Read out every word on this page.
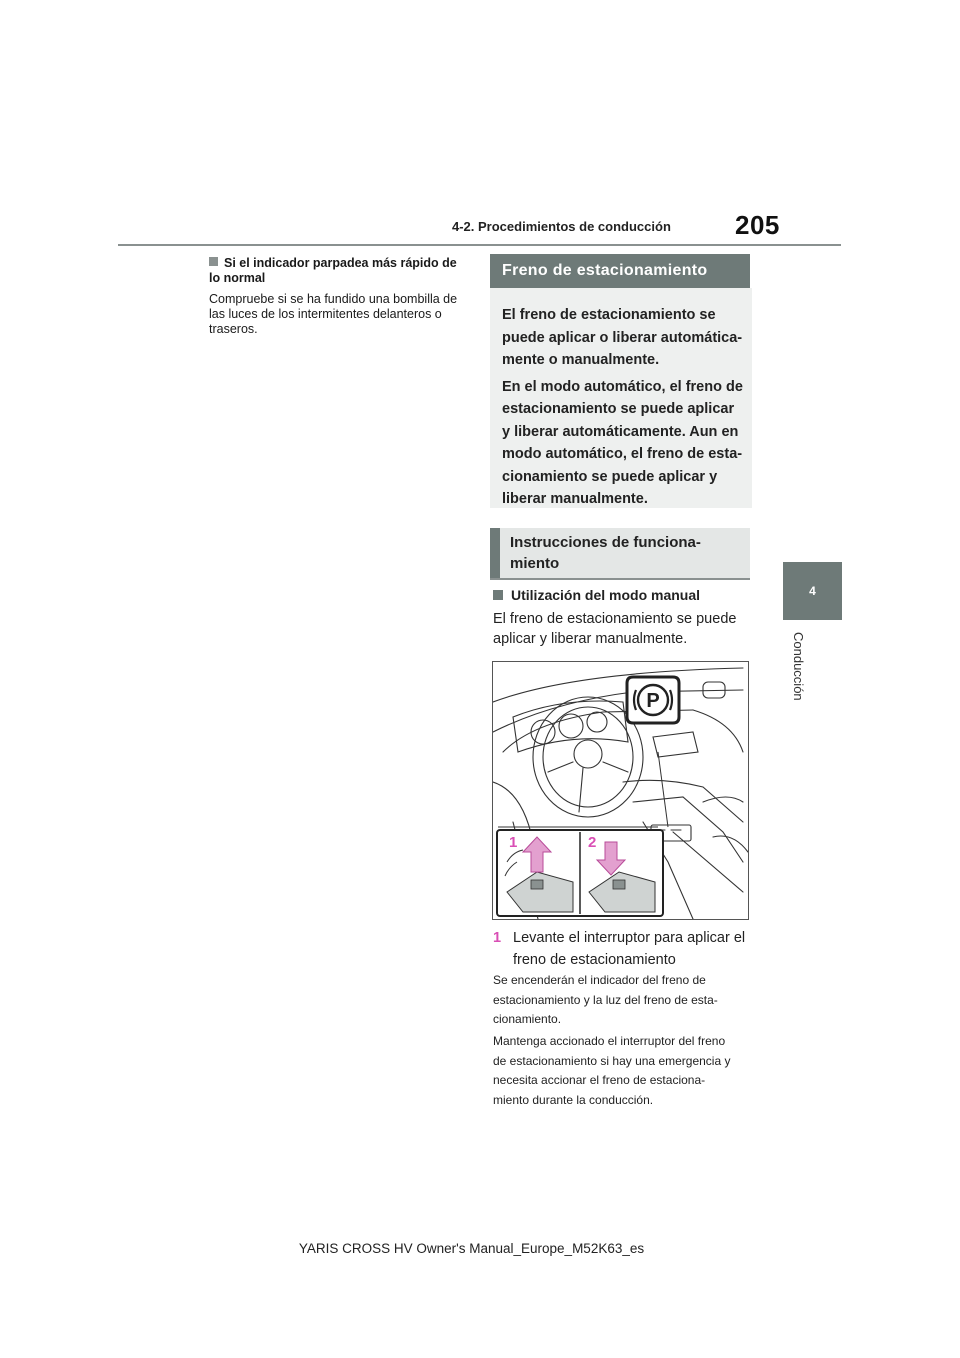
4-2. Procedimientos de conducción 205
4
Conducción
Si el indicador parpadea más rápido de
lo normal
Compruebe si se ha fundido una bombilla de
las luces de los intermitentes delanteros o
traseros.
Freno de estacionamiento

El freno de estacionamiento se
puede aplicar o liberar automática-
mente o manualmente.

En el modo automático, el freno de
estacionamiento se puede aplicar
y liberar automáticamente. Aun en
modo automático, el freno de esta-
cionamiento se puede aplicar y
liberar manualmente.

Instrucciones de funciona-
miento
Utilización del modo manual
El freno de estacionamiento se puede
aplicar y liberar manualmente.
P
1	2
1 Levante el interruptor para aplicar el
freno de estacionamiento
Se encenderán el indicador del freno de
estacionamiento y la luz del freno de esta-
cionamiento.
Mantenga accionado el interruptor del freno
de estacionamiento si hay una emergencia y
necesita accionar el freno de estaciona-
miento durante la conducción.
YARIS CROSS HV Owner's Manual_Europe_M52K63_es
